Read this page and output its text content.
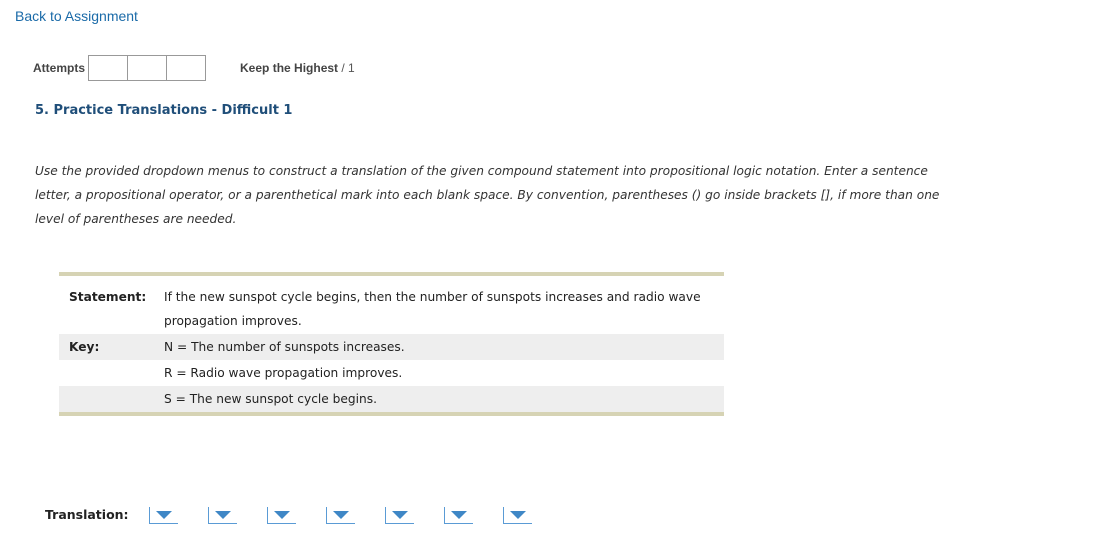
Back to Assignment
Attempts	Keep the Highest / 1
5. Practice Translations - Difficult 1
Use the provided dropdown menus to construct a translation of the given compound statement into propositional logic notation. Enter a sentence letter, a propositional operator, or a parenthetical mark into each blank space. By convention, parentheses () go inside brackets [], if more than one level of parentheses are needed.
Statement:	If the new sunspot cycle begins, then the number of sunspots increases and radio wave propagation improves.
Key:	N = The number of sunspots increases.
R = Radio wave propagation improves.
S = The new sunspot cycle begins.
Translation:
